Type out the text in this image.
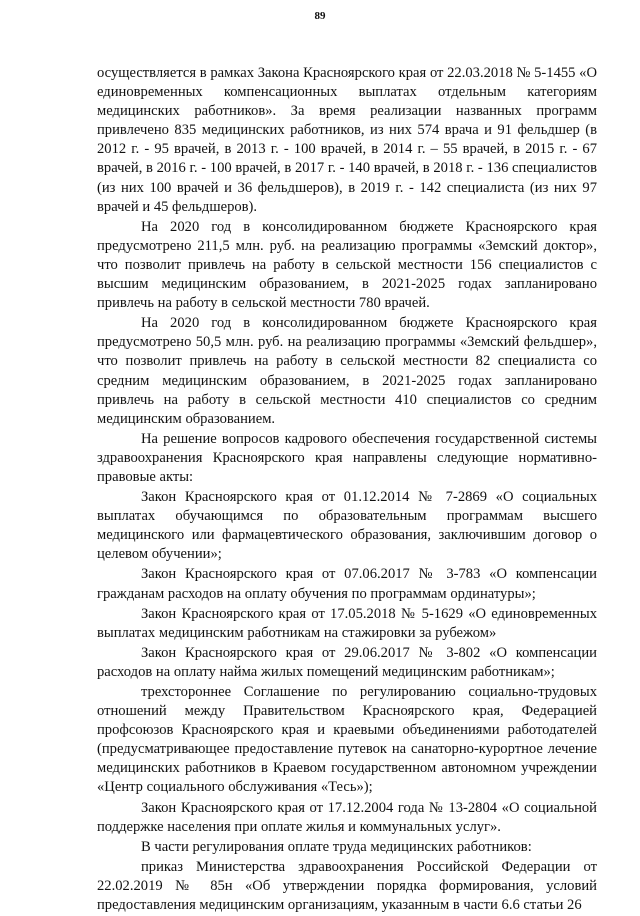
89

осуществляется в рамках Закона Красноярского края от 22.03.2018 № 5-1455 «О единовременных компенсационных выплатах отдельным категориям медицинских работников». За время реализации названных программ привлечено 835 медицинских работников, из них 574 врача и 91 фельдшер (в 2012 г. - 95 врачей, в 2013 г. - 100 врачей, в 2014 г. – 55 врачей, в 2015 г. - 67 врачей, в 2016 г. - 100 врачей, в 2017 г. - 140 врачей, в 2018 г. - 136 специалистов (из них 100 врачей и 36 фельдшеров), в 2019 г. - 142 специалиста (из них 97 врачей и 45 фельдшеров).

На 2020 год в консолидированном бюджете Красноярского края предусмотрено 211,5 млн. руб. на реализацию программы «Земский доктор», что позволит привлечь на работу в сельской местности 156 специалистов с высшим медицинским образованием, в 2021-2025 годах запланировано привлечь на работу в сельской местности 780 врачей.

На 2020 год в консолидированном бюджете Красноярского края предусмотрено 50,5 млн. руб. на реализацию программы «Земский фельдшер», что позволит привлечь на работу в сельской местности 82 специалиста со средним медицинским образованием, в 2021-2025 годах запланировано привлечь на работу в сельской местности 410 специалистов со средним медицинским образованием.

На решение вопросов кадрового обеспечения государственной системы здравоохранения Красноярского края направлены следующие нормативно-правовые акты:

Закон Красноярского края от 01.12.2014 № 7-2869 «О социальных выплатах обучающимся по образовательным программам высшего медицинского или фармацевтического образования, заключившим договор о целевом обучении»;

Закон Красноярского края от 07.06.2017 № 3-783 «О компенсации гражданам расходов на оплату обучения по программам ординатуры»;

Закон Красноярского края от 17.05.2018 № 5-1629 «О единовременных выплатах медицинским работникам на стажировки за рубежом»

Закон Красноярского края от 29.06.2017 № 3-802 «О компенсации расходов на оплату найма жилых помещений медицинским работникам»;

трехстороннее Соглашение по регулированию социально-трудовых отношений между Правительством Красноярского края, Федерацией профсоюзов Красноярского края и краевыми объединениями работодателей (предусматривающее предоставление путевок на санаторно-курортное лечение медицинских работников в Краевом государственном автономном учреждении «Центр социального обслуживания «Тесь»);

Закон Красноярского края от 17.12.2004 года № 13-2804 «О социальной поддержке населения при оплате жилья и коммунальных услуг».

В части регулирования оплате труда медицинских работников:

приказ Министерства здравоохранения Российской Федерации от 22.02.2019 № 85н «Об утверждении порядка формирования, условий предоставления медицинским организациям, указанным в части 6.6 статьи 26
